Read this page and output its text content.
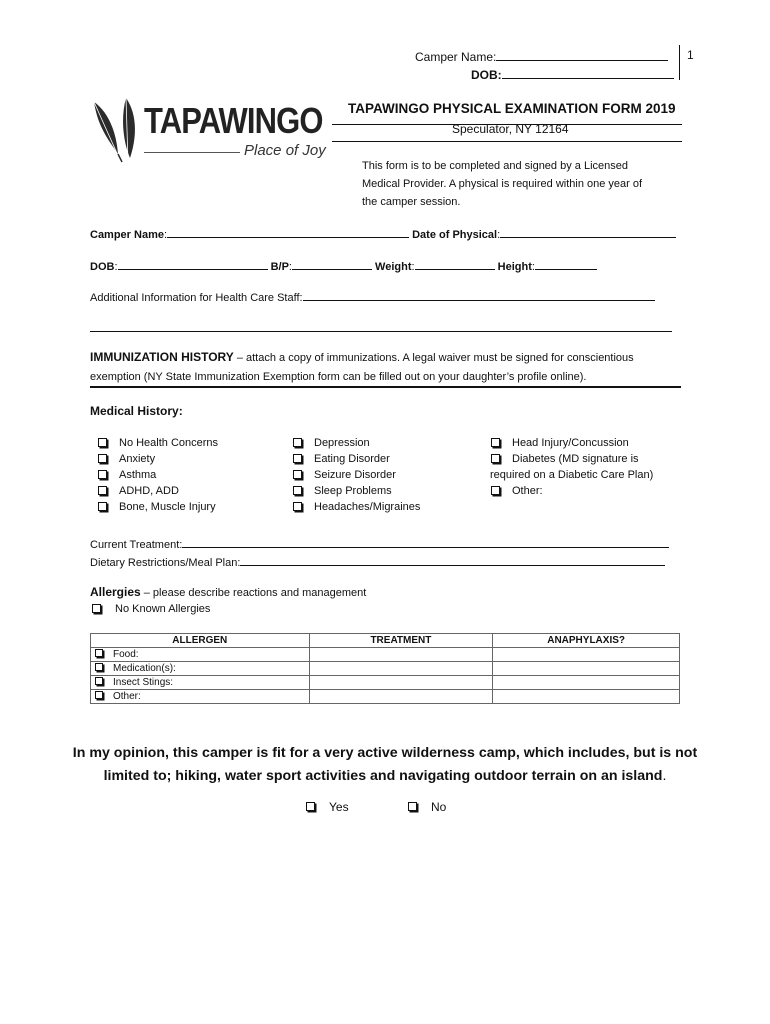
Camper Name:
DOB:
1
TAPAWINGO
Place of Joy
TAPAWINGO PHYSICAL EXAMINATION FORM 2019
Speculator, NY 12164
This form is to be completed and signed by a Licensed
Medical Provider. A physical is required within one year of
the camper session.
Camper Name:	Date of Physical:
DOB:	B/P:	Weight:	Height:
Additional Information for Health Care Staff:
IMMUNIZATION HISTORY – attach a copy of immunizations. A legal waiver must be signed for conscientious
exemption (NY State Immunization Exemption form can be filled out on your daughter’s profile online).
Medical History:
No Health Concerns
Anxiety
Asthma
ADHD, ADD
Bone, Muscle Injury
Depression
Eating Disorder
Seizure Disorder
Sleep Problems
Headaches/Migraines
Head Injury/Concussion
Diabetes (MD signature is
required on a Diabetic Care Plan)
Other:
Current Treatment:
Dietary Restrictions/Meal Plan:
Allergies – please describe reactions and management
No Known Allergies
ALLERGEN	TREATMENT	ANAPHYLAXIS?
Food:		
Medication(s):		
Insect Stings:		
Other:		
In my opinion, this camper is fit for a very active wilderness camp, which includes, but is not
limited to; hiking, water sport activities and navigating outdoor terrain on an island.
Yes	No
